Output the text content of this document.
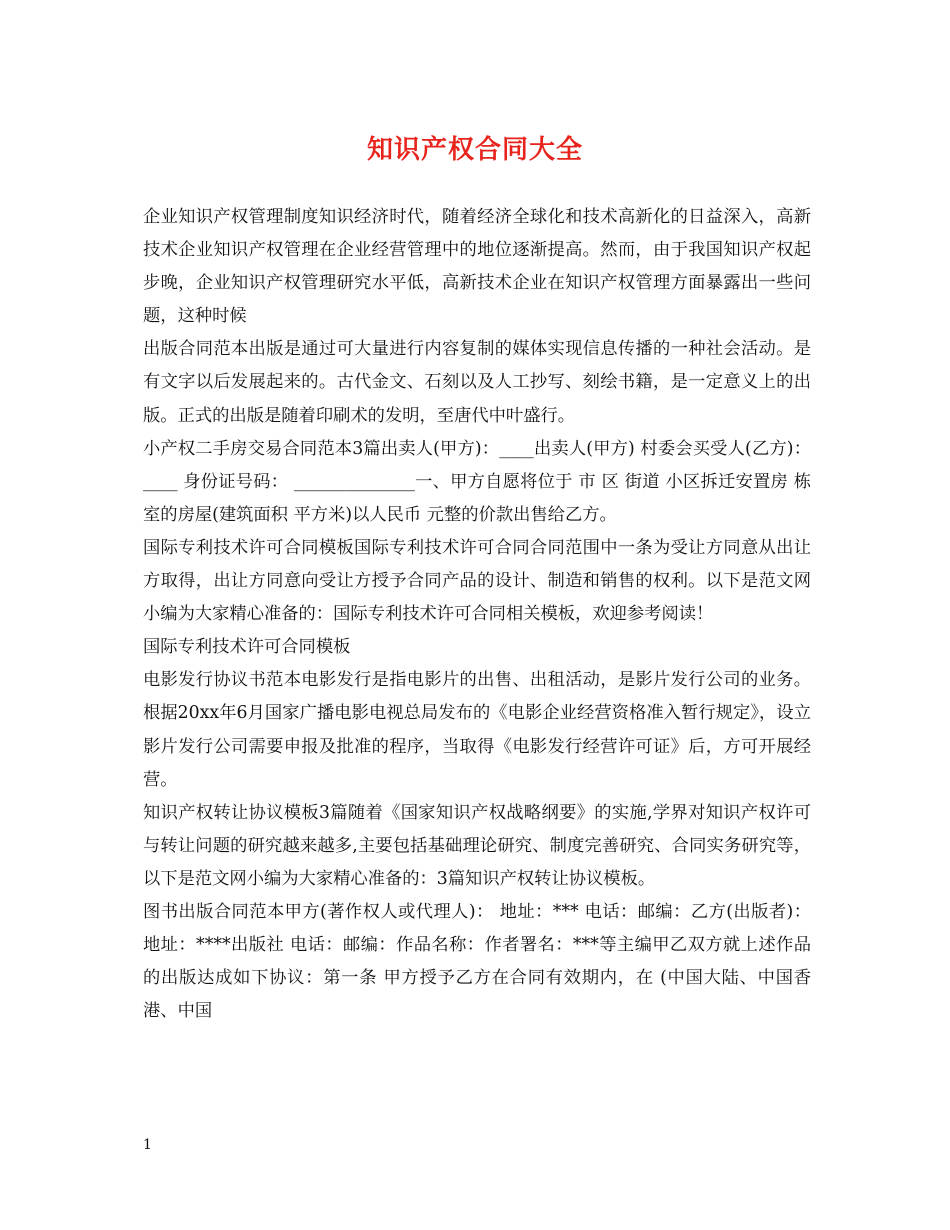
知识产权合同大全

企业知识产权管理制度知识经济时代，随着经济全球化和技术高新化的日益深入，高新技术企业知识产权管理在企业经营管理中的地位逐渐提高。然而，由于我国知识产权起步晚，企业知识产权管理研究水平低，高新技术企业在知识产权管理方面暴露出一些问题，这种时候

出版合同范本出版是通过可大量进行内容复制的媒体实现信息传播的一种社会活动。是有文字以后发展起来的。古代金文、石刻以及人工抄写、刻绘书籍，是一定意义上的出版。正式的出版是随着印刷术的发明，至唐代中叶盛行。

小产权二手房交易合同范本3篇出卖人(甲方)：____出卖人(甲方) 村委会买受人(乙方)：____ 身份证号码： ______________一、甲方自愿将位于 市 区 街道 小区拆迁安置房 栋 室的房屋(建筑面积 平方米)以人民币 元整的价款出售给乙方。

国际专利技术许可合同模板国际专利技术许可合同合同范围中一条为受让方同意从出让方取得，出让方同意向受让方授予合同产品的设计、制造和销售的权利。以下是范文网小编为大家精心准备的：国际专利技术许可合同相关模板，欢迎参考阅读！

国际专利技术许可合同模板

电影发行协议书范本电影发行是指电影片的出售、出租活动，是影片发行公司的业务。根据20xx年6月国家广播电影电视总局发布的《电影企业经营资格准入暂行规定》，设立影片发行公司需要申报及批准的程序，当取得《电影发行经营许可证》后，方可开展经营。

知识产权转让协议模板3篇随着《国家知识产权战略纲要》的实施,学界对知识产权许可与转让问题的研究越来越多,主要包括基础理论研究、制度完善研究、合同实务研究等，以下是范文网小编为大家精心准备的：3篇知识产权转让协议模板。

图书出版合同范本甲方(著作权人或代理人)： 地址：*** 电话：邮编：乙方(出版者)： 地址：****出版社 电话：邮编：作品名称：作者署名：***等主编甲乙双方就上述作品的出版达成如下协议：第一条 甲方授予乙方在合同有效期内，在 (中国大陆、中国香港、中国

1
